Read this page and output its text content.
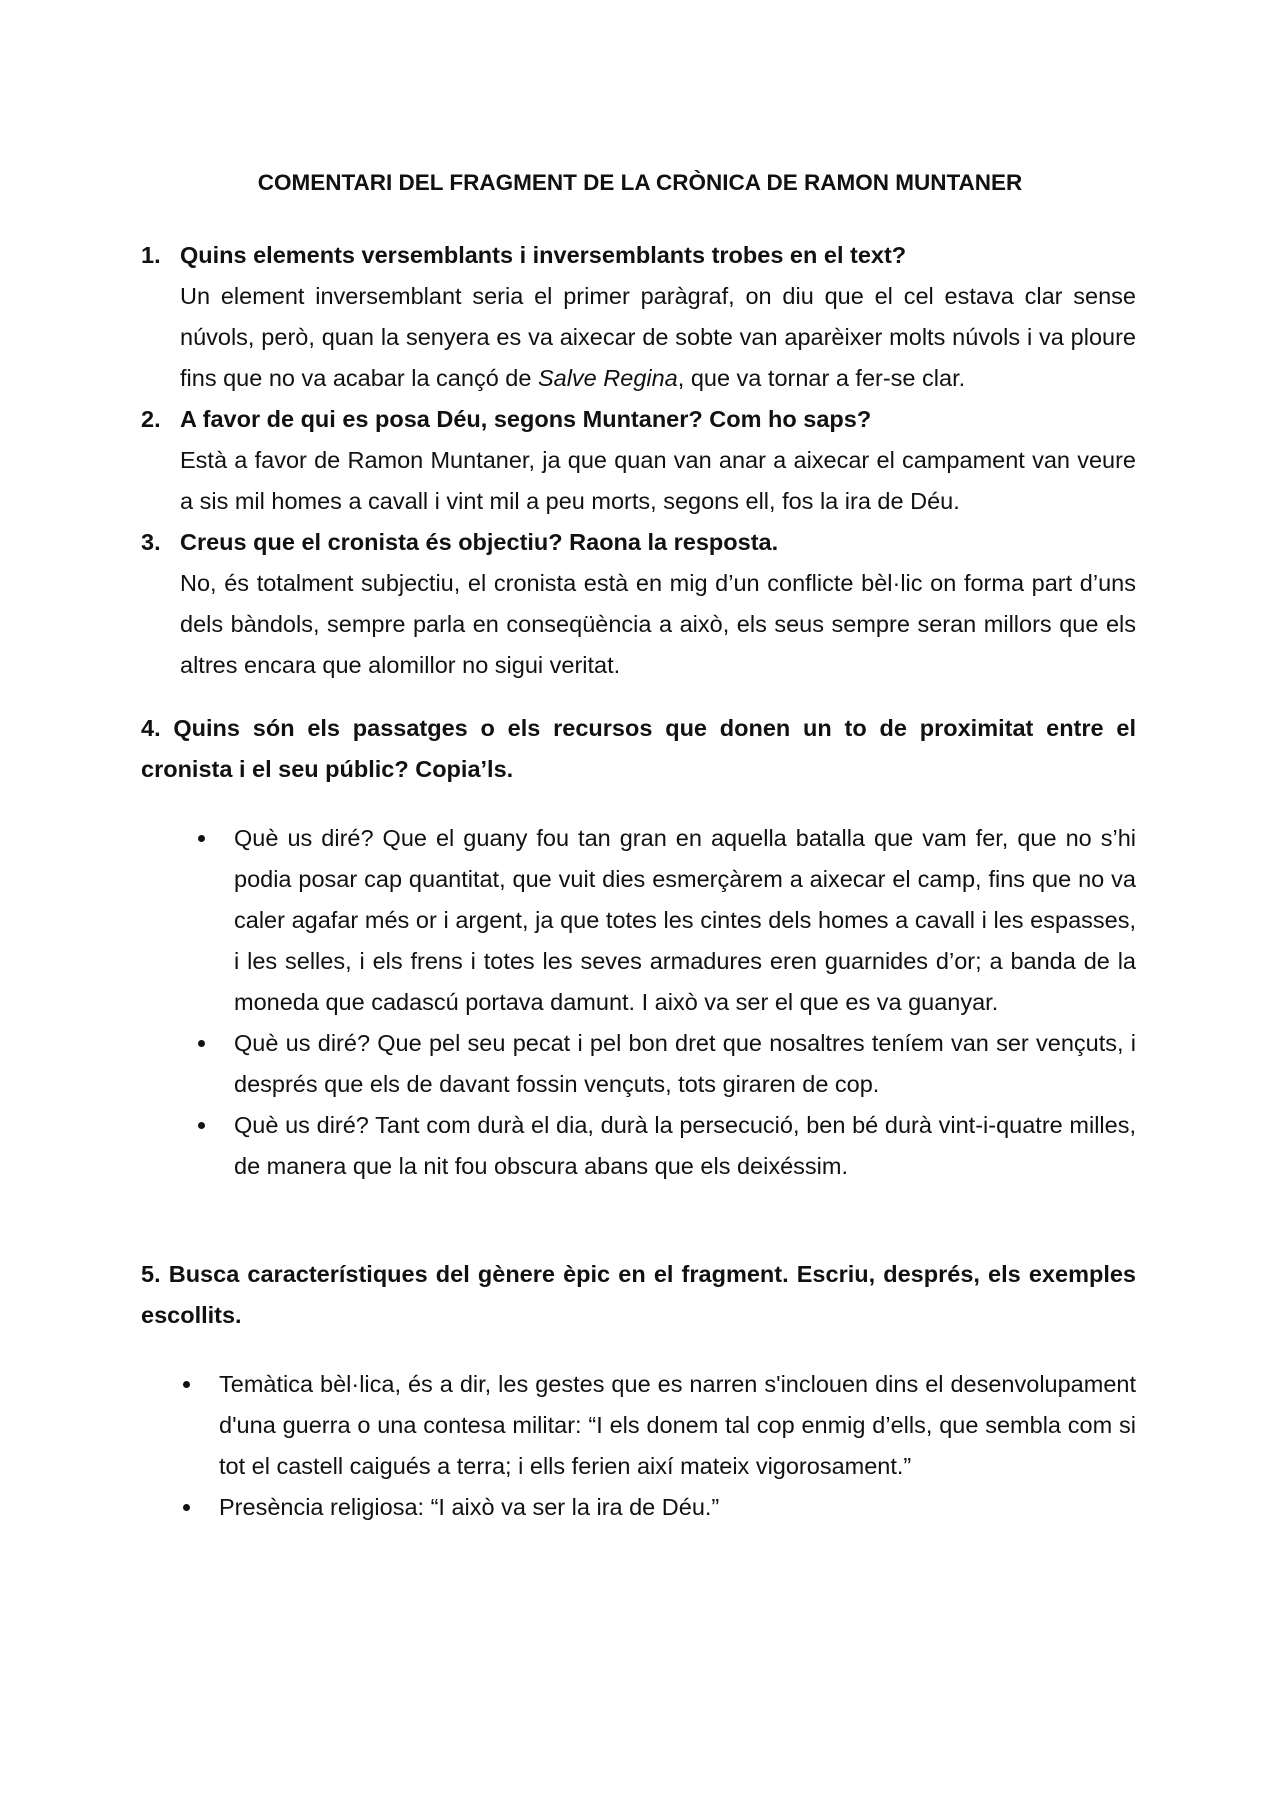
COMENTARI DEL FRAGMENT DE LA CRÒNICA DE RAMON MUNTANER
1. Quins elements versemblants i inversemblants trobes en el text?
Un element inversemblant seria el primer paràgraf, on diu que el cel estava clar sense núvols, però, quan la senyera es va aixecar de sobte van aparèixer molts núvols i va ploure fins que no va acabar la cançó de Salve Regina, que va tornar a fer-se clar.
2. A favor de qui es posa Déu, segons Muntaner? Com ho saps?
Està a favor de Ramon Muntaner, ja que quan van anar a aixecar el campament van veure a sis mil homes a cavall i vint mil a peu morts, segons ell, fos la ira de Déu.
3. Creus que el cronista és objectiu? Raona la resposta.
No, és totalment subjectiu, el cronista està en mig d’un conflicte bèl·lic on forma part d’uns dels bàndols, sempre parla en conseqüència a això, els seus sempre seran millors que els altres encara que alomillor no sigui veritat.
4. Quins són els passatges o els recursos que donen un to de proximitat entre el cronista i el seu públic? Copia’ls.
Què us diré? Que el guany fou tan gran en aquella batalla que vam fer, que no s’hi podia posar cap quantitat, que vuit dies esmerçàrem a aixecar el camp, fins que no va caler agafar més or i argent, ja que totes les cintes dels homes a cavall i les espasses, i les selles, i els frens i totes les seves armadures eren guarnides d’or; a banda de la moneda que cadascú portava damunt. I això va ser el que es va guanyar.
Què us diré? Que pel seu pecat i pel bon dret que nosaltres teníem van ser vençuts, i després que els de davant fossin vençuts, tots giraren de cop.
Què us diré? Tant com durà el dia, durà la persecució, ben bé durà vint-i-quatre milles, de manera que la nit fou obscura abans que els deixéssim.
5. Busca característiques del gènere èpic en el fragment. Escriu, després, els exemples escollits.
Temàtica bèl·lica, és a dir, les gestes que es narren s'inclouen dins el desenvolupament d'una guerra o una contesa militar: “I els donem tal cop enmig d’ells, que sembla com si tot el castell caigués a terra; i ells ferien així mateix vigorosament.”
Presència religiosa: “I això va ser la ira de Déu.”
